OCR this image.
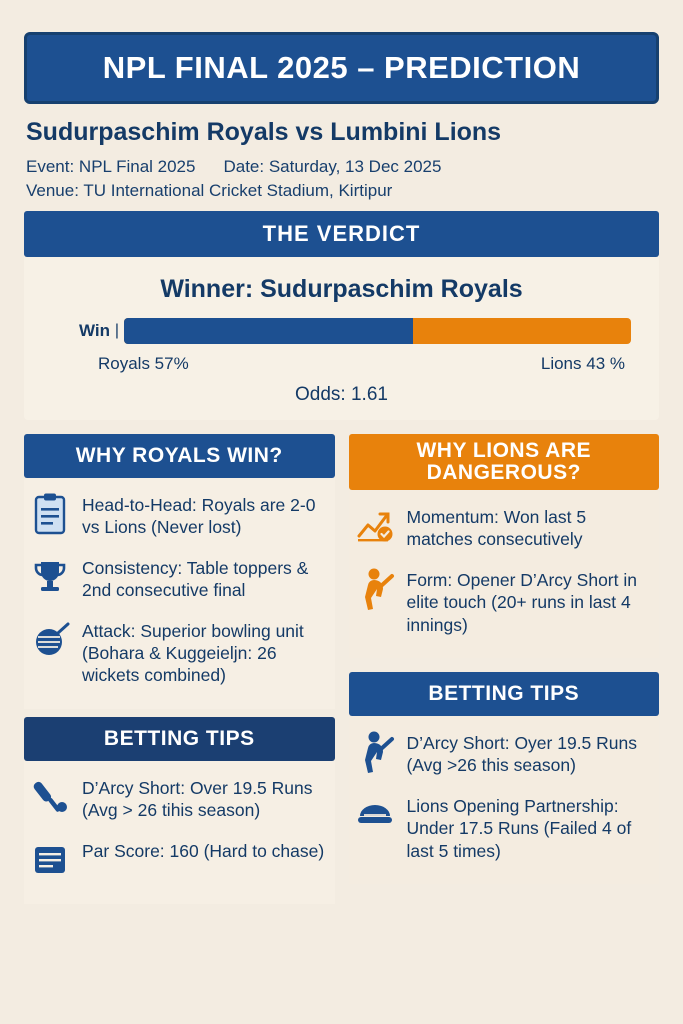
NPL FINAL 2025 – PREDICTION
Sudurpaschim Royals vs Lumbini Lions
Event: NPL Final 2025 Date: Saturday, 13 Dec 2025
Venue: TU International Cricket Stadium, Kirtipur
THE VERDICT
Winner: Sudurpaschim Royals
Win |
Royals 57%	Lions 43 %
Odds: 1.61
WHY ROYALS WIN?
Head-to-Head: Royals are 2-0 vs Lions (Never lost)
Consistency: Table toppers & 2nd consecutive final
Attack: Superior bowling unit (Bohara & Kuggeieljn: 26 wickets combined)
BETTING TIPS
D’Arcy Short: Over 19.5 Runs (Avg > 26 tihis season)
Par Score: 160 (Hard to chase)
WHY LIONS ARE DANGEROUS?
Momentum: Won last 5 matches consecutively
Form: Opener D’Arcy Short in elite touch (20+ runs in last 4 innings)
BETTING TIPS
D’Arcy Short: Oyer 19.5 Runs (Avg >26 this season)
Lions Opening Partnership: Under 17.5 Runs (Failed 4 of last 5 times)
